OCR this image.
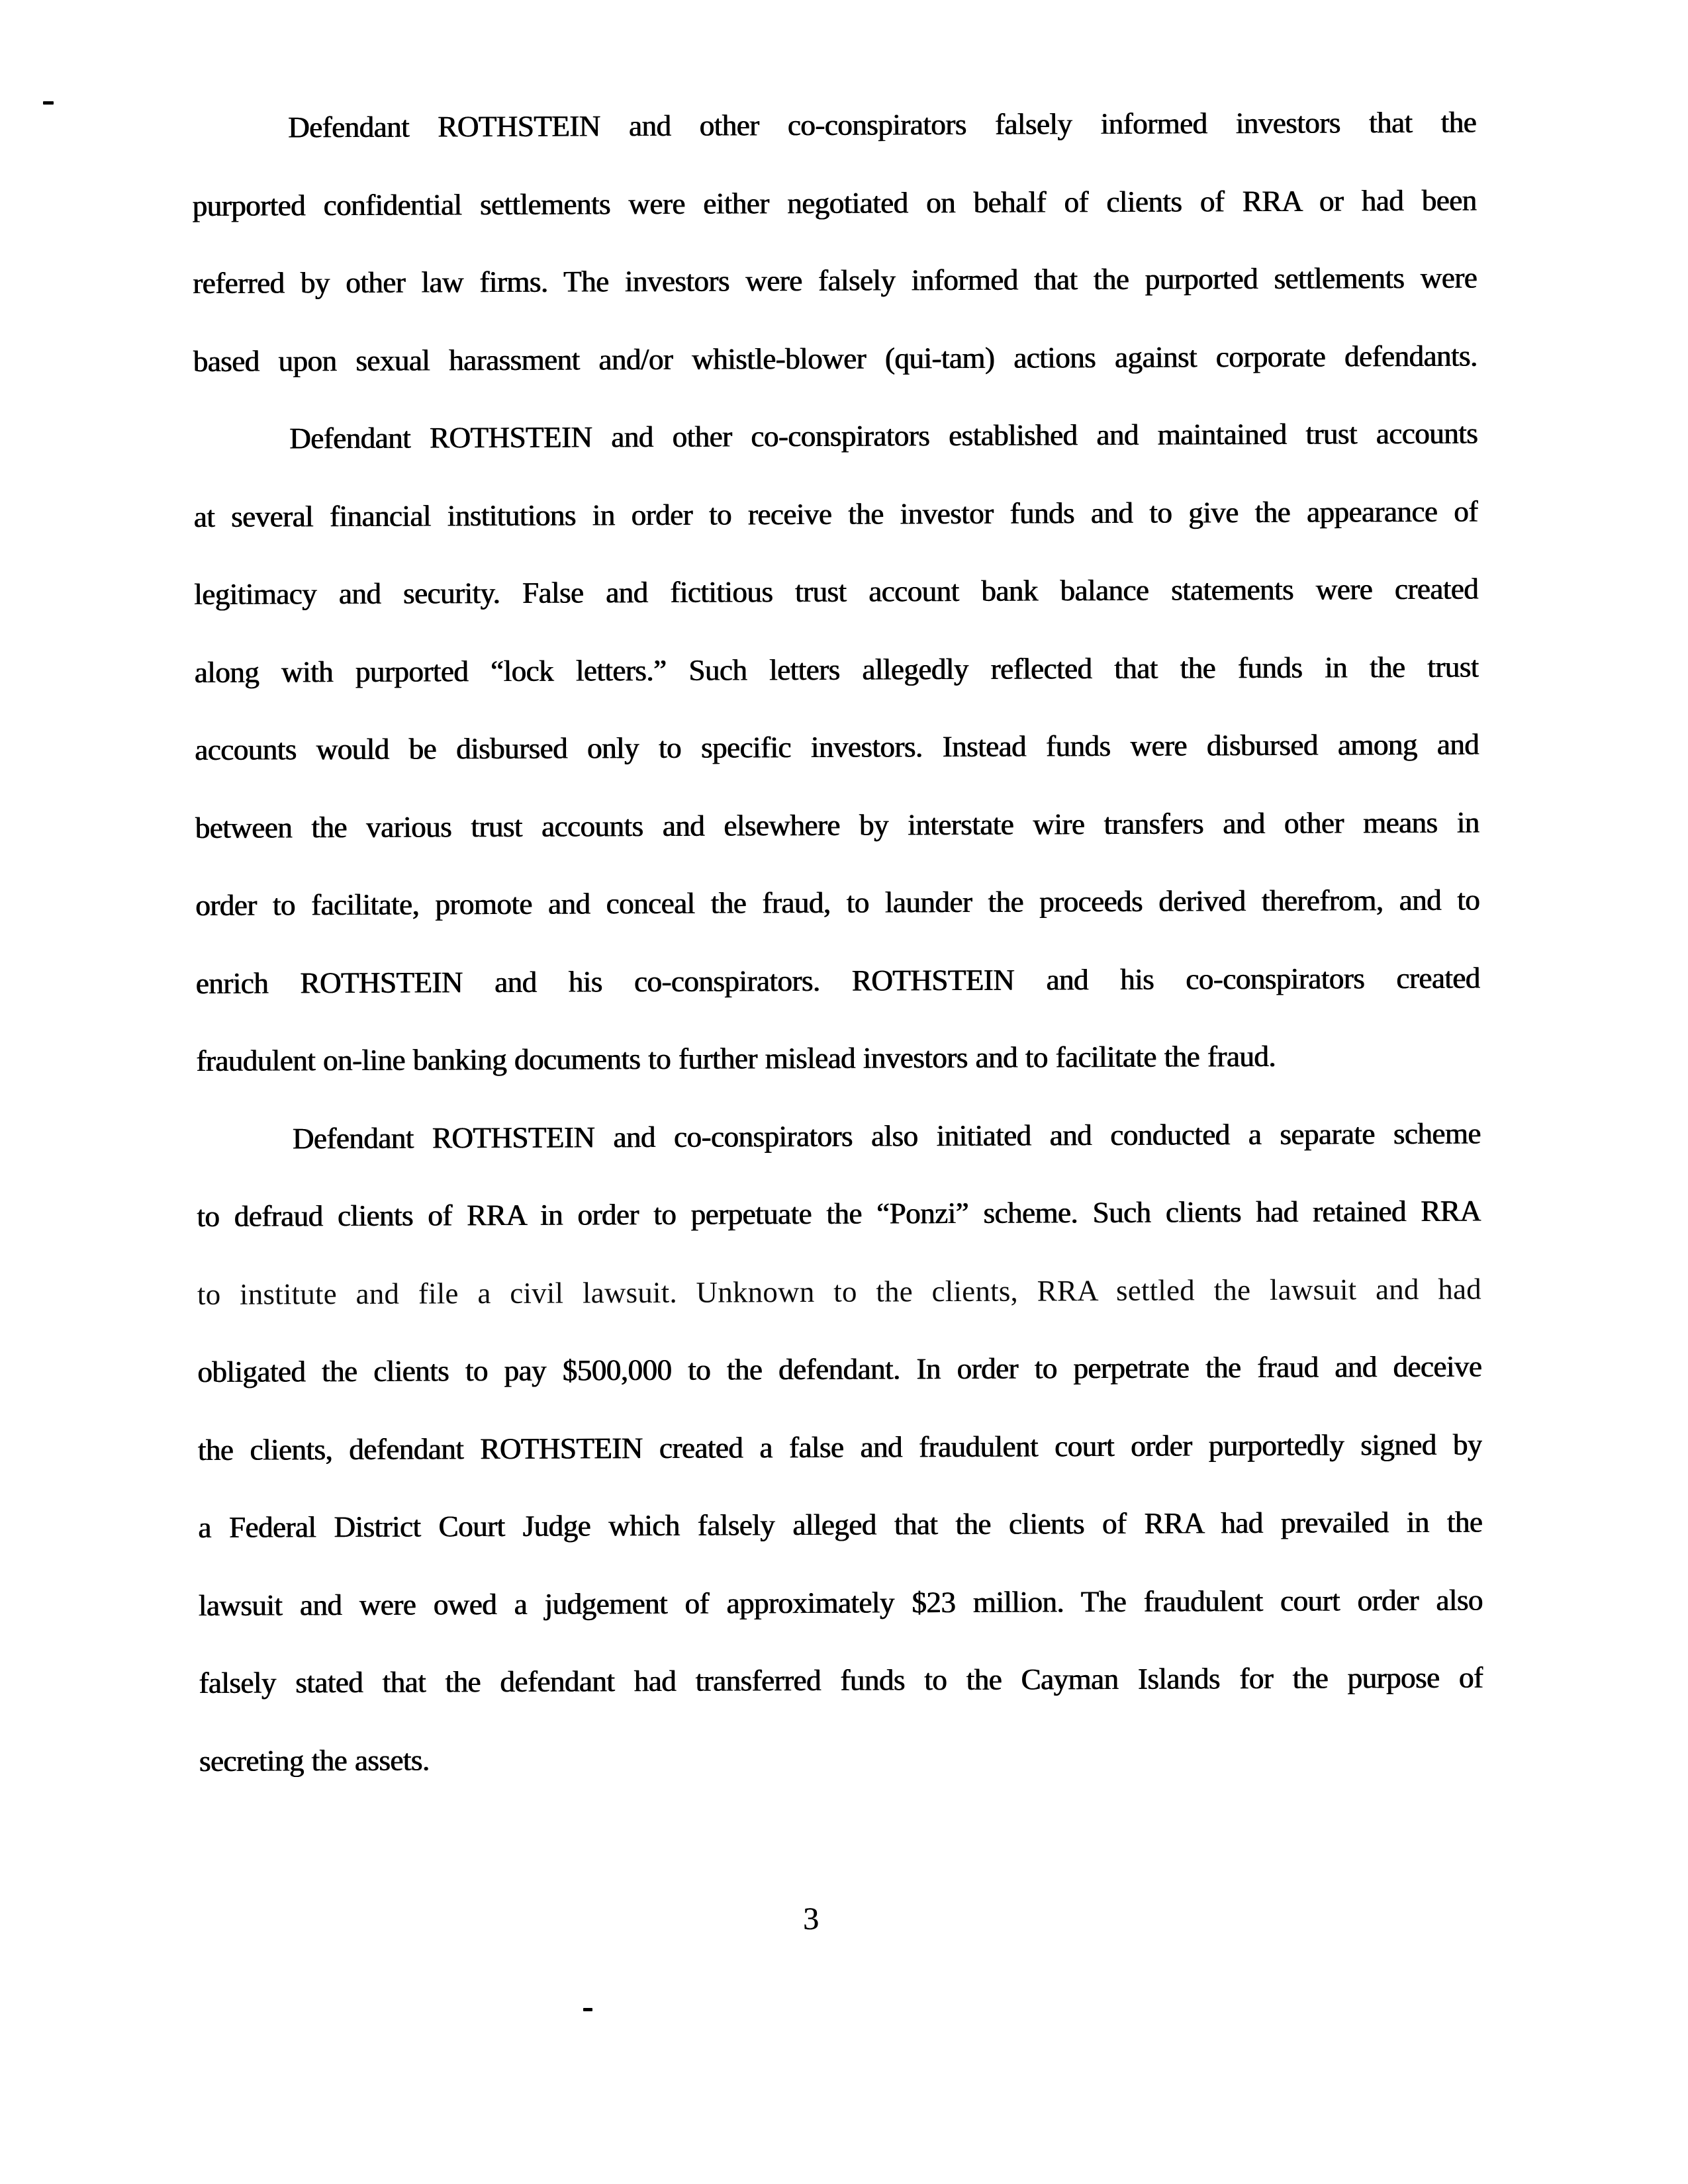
Defendant ROTHSTEIN and other co-conspirators falsely informed investors that the
purported confidential settlements were either negotiated on behalf of clients of RRA or had been
referred by other law firms. The investors were falsely informed that the purported settlements were
based upon sexual harassment and/or whistle-blower (qui-tam) actions against corporate defendants.
Defendant ROTHSTEIN and other co-conspirators established and maintained trust accounts
at several financial institutions in order to receive the investor funds and to give the appearance of
legitimacy and security. False and fictitious trust account bank balance statements were created
along with purported “lock letters.” Such letters allegedly reflected that the funds in the trust
accounts would be disbursed only to specific investors. Instead funds were disbursed among and
between the various trust accounts and elsewhere by interstate wire transfers and other means in
order to facilitate, promote and conceal the fraud, to launder the proceeds derived therefrom, and to
enrich ROTHSTEIN and his co-conspirators. ROTHSTEIN and his co-conspirators created
fraudulent on-line banking documents to further mislead investors and to facilitate the fraud.
Defendant ROTHSTEIN and co-conspirators also initiated and conducted a separate scheme
to defraud clients of RRA in order to perpetuate the “Ponzi” scheme. Such clients had retained RRA
to institute and file a civil lawsuit. Unknown to the clients, RRA settled the lawsuit and had
obligated the clients to pay $500,000 to the defendant. In order to perpetrate the fraud and deceive
the clients, defendant ROTHSTEIN created a false and fraudulent court order purportedly signed by
a Federal District Court Judge which falsely alleged that the clients of RRA had prevailed in the
lawsuit and were owed a judgement of approximately $23 million. The fraudulent court order also
falsely stated that the defendant had transferred funds to the Cayman Islands for the purpose of
secreting the assets.
3
